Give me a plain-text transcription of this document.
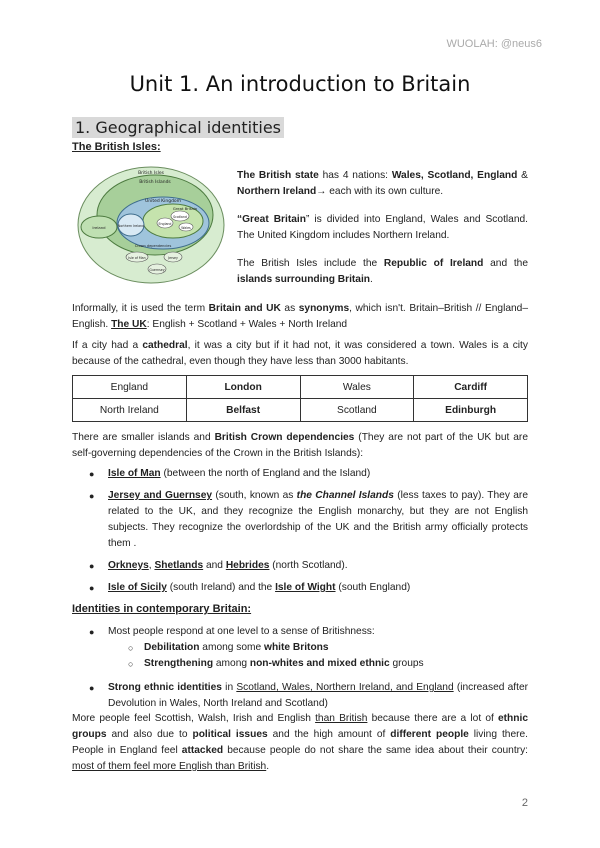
WUOLAH: @neus6
Unit 1. An introduction to Britain
1. Geographical identities

The British Isles:

British Isles
British Islands
United Kingdom
Great Britain
England
Scotland
Wales
Northern Ireland
Ireland
Isle of Man	Jersey
Guernsey
Crown dependencies

The British state has 4 nations: Wales, Scotland, England & Northern Ireland→ each with its own culture.

“Great Britain” is divided into England, Wales and Scotland. The United Kingdom includes Northern Ireland.

The British Isles include the Republic of Ireland and the islands surrounding Britain.

Informally, it is used the term Britain and UK as synonyms, which isn't. Britain–British // England–English. The UK: English + Scotland + Wales + North Ireland

If a city had a cathedral, it was a city but if it had not, it was considered a town. Wales is a city because of the cathedral, even though they have less than 3000 habitants.

England	London	Wales	Cardiff
North Ireland	Belfast	Scotland	Edinburgh

There are smaller islands and British Crown dependencies (They are not part of the UK but are self-governing dependencies of the Crown in the British Islands):

● Isle of Man (between the north of England and the Island)
● Jersey and Guernsey (south, known as the Channel Islands (less taxes to pay). They are related to the UK, and they recognize the English monarchy, but they are not English subjects. They recognize the overlordship of the UK and the British army officially protects them .
● Orkneys, Shetlands and Hebrides (north Scotland).
● Isle of Sicily (south Ireland) and the Isle of Wight (south England)

Identities in contemporary Britain:

● Most people respond at one level to a sense of Britishness:
○ Debilitation among some white Britons
○ Strengthening among non-whites and mixed ethnic groups
● Strong ethnic identities in Scotland, Wales, Northern Ireland, and England (increased after Devolution in Wales, North Ireland and Scotland)

More people feel Scottish, Walsh, Irish and English than British because there are a lot of ethnic groups and also due to political issues and the high amount of different people living there. People in England feel attacked because people do not share the same idea about their country: most of them feel more English than British.

2
